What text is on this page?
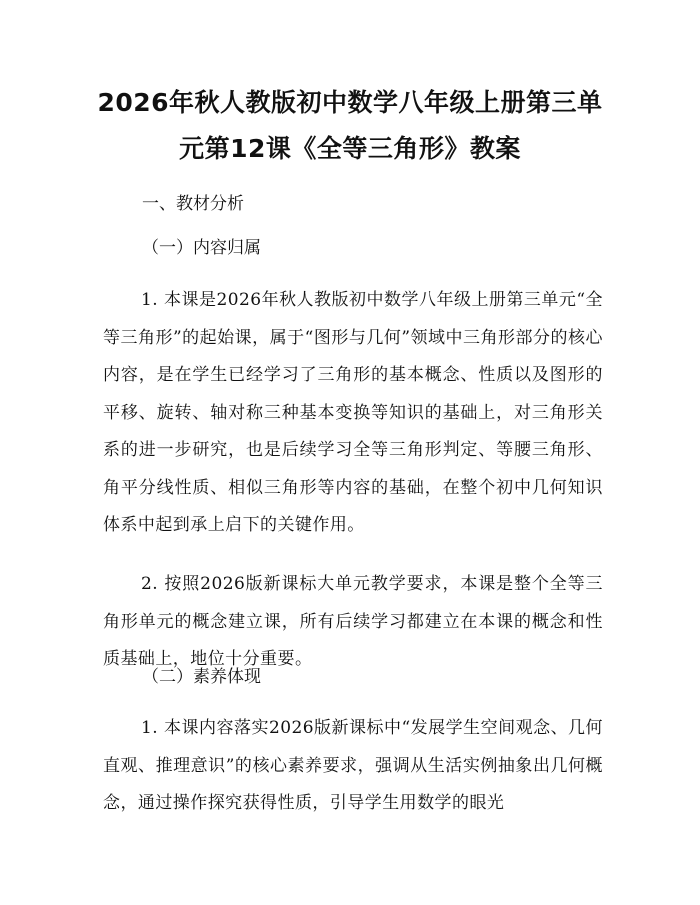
2026年秋人教版初中数学八年级上册第三单
元第12课《全等三角形》教案
一、教材分析
（一）内容归属
1. 本课是2026年秋人教版初中数学八年级上册第三单元“全等三角形”的起始课，属于“图形与几何”领域中三角形部分的核心内容，是在学生已经学习了三角形的基本概念、性质以及图形的平移、旋转、轴对称三种基本变换等知识的基础上，对三角形关系的进一步研究，也是后续学习全等三角形判定、等腰三角形、角平分线性质、相似三角形等内容的基础，在整个初中几何知识体系中起到承上启下的关键作用。
2. 按照2026版新课标大单元教学要求，本课是整个全等三角形单元的概念建立课，所有后续学习都建立在本课的概念和性质基础上，地位十分重要。
（二）素养体现
1. 本课内容落实2026版新课标中“发展学生空间观念、几何直观、推理意识”的核心素养要求，强调从生活实例抽象出几何概念，通过操作探究获得性质，引导学生用数学的眼光
